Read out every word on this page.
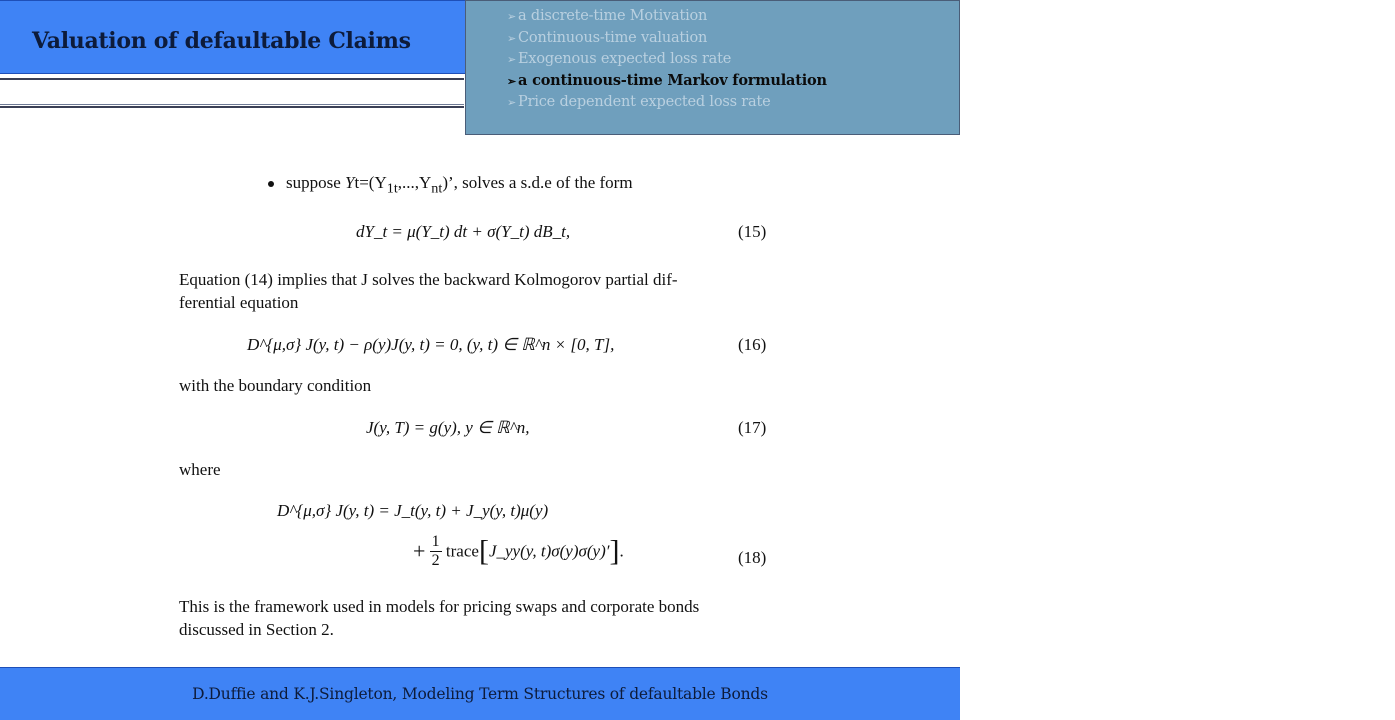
Valuation of defaultable Claims
➢ a discrete-time Motivation
➢ Continuous-time valuation
➢ Exogenous expected loss rate
➢ a continuous-time Markov formulation
➢ Price dependent expected loss rate
14
suppose $Yt=(Y_{1t},...,Y_{nt})$’, solves a s.d.e of the form
dY_t = μ(Y_t) dt + σ(Y_t) dB_t,	(15)
Equation (14) implies that J solves the backward Kolmogorov partial dif-
ferential equation
D^{μ,σ} J(y, t) − ρ(y)J(y, t) = 0, (y, t) ∈ ℝ^n × [0, T],	(16)
with the boundary condition
J(y, T) = g(y), y ∈ ℝ^n,	(17)
where
D^{μ,σ} J(y, t) = J_t(y, t) + J_y(y, t)μ(y)
+ $\frac{1}{2}$ trace[J_yy(y, t)σ(y)σ(y)′].	(18)
This is the framework used in models for pricing swaps and corporate bonds
discussed in Section 2.
D.Duffie and K.J.Singleton, Modeling Term Structures of defaultable Bonds
